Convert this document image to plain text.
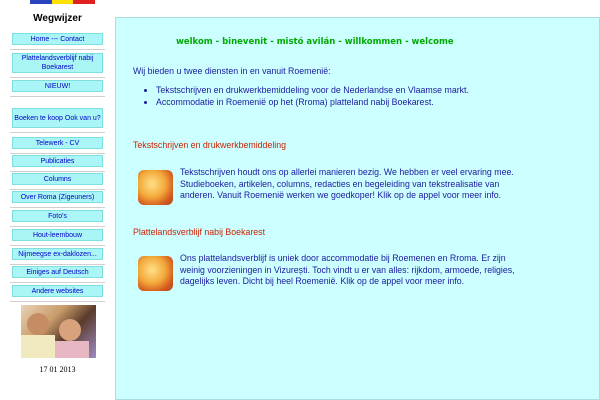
Wegwijzer
Home --- Contact
Plattelandsverblijf nabij Boekarest
NIEUW!
Boeken te koop Ook van u?
Telewerk - CV
Publicaties
Columns
Over Roma (Zigeuners)
Foto's
Hout-leembouw
Nijmeegse ex-daklozen...
Einiges auf Deutsch
Andere websites
17 01 2013
welkom - binevenit - mistó avilán - willkommen - welcome
Wij bieden u twee diensten in en vanuit Roemenië:
• Tekstschrijven en drukwerkbemiddeling voor de Nederlandse en Vlaamse markt.
• Accommodatie in Roemenië op het (Rroma) platteland nabij Boekarest.
Tekstschrijven en drukwerkbemiddeling
Tekstschrijven houdt ons op allerlei manieren bezig. We hebben er veel ervaring mee. Studieboeken, artikelen, columns, redacties en begeleiding van tekstrealisatie van anderen. Vanuit Roemenië werken we goedkoper! Klik op de appel voor meer info.
Plattelandsverblijf nabij Boekarest
Ons plattelandsverblijf is uniek door accommodatie bij Roemenen en Rroma. Er zijn weinig voorzieningen in Vizurești. Toch vindt u er van alles: rijkdom, armoede, religies, dagelijks leven. Dicht bij heel Roemenië. Klik op de appel voor meer info.
